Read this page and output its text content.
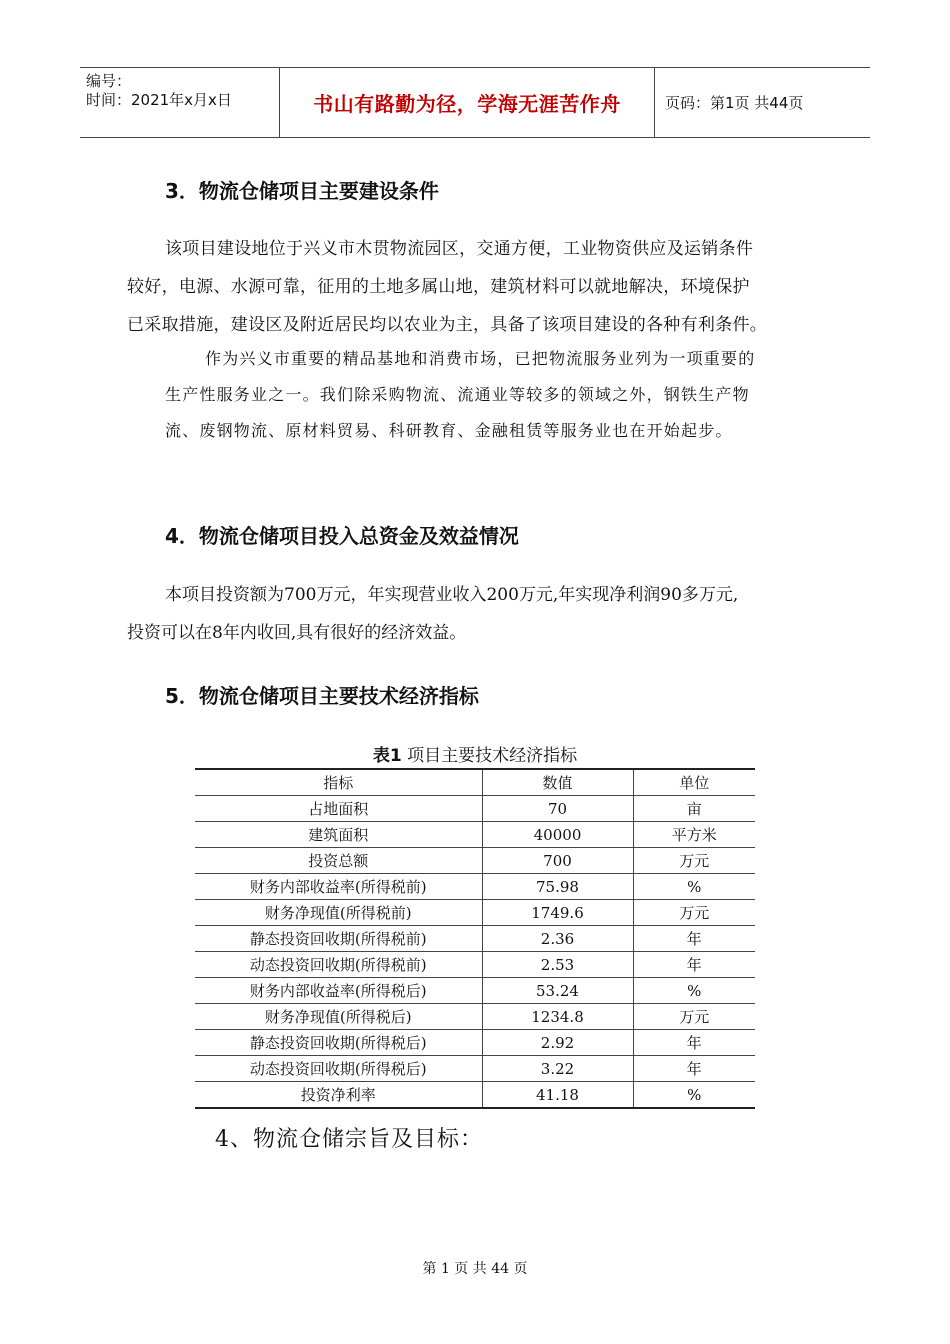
编号：
时间：2021年x月x日	书山有路勤为径，学海无涯苦作舟	页码：第1页 共44页
3．物流仓储项目主要建设条件
该项目建设地位于兴义市木贯物流园区，交通方便，工业物资供应及运销条件
较好，电源、水源可靠，征用的土地多属山地，建筑材料可以就地解决，环境保护
已采取措施，建设区及附近居民均以农业为主，具备了该项目建设的各种有利条件。
作为兴义市重要的精品基地和消费市场，已把物流服务业列为一项重要的
生产性服务业之一。我们除采购物流、流通业等较多的领域之外，钢铁生产物
流、废钢物流、原材料贸易、科研教育、金融租赁等服务业也在开始起步。
4．物流仓储项目投入总资金及效益情况
本项目投资额为700万元，年实现营业收入200万元,年实现净利润90多万元,
投资可以在8年内收回,具有很好的经济效益。
5．物流仓储项目主要技术经济指标
表1 项目主要技术经济指标
指标	数值	单位
占地面积	70	亩
建筑面积	40000	平方米
投资总额	700	万元
财务内部收益率(所得税前)	75.98	%
财务净现值(所得税前)	1749.6	万元
静态投资回收期(所得税前)	2.36	年
动态投资回收期(所得税前)	2.53	年
财务内部收益率(所得税后)	53.24	%
财务净现值(所得税后)	1234.8	万元
静态投资回收期(所得税后)	2.92	年
动态投资回收期(所得税后)	3.22	年
投资净利率	41.18	%
4、物流仓储宗旨及目标：
第 1 页 共 44 页
